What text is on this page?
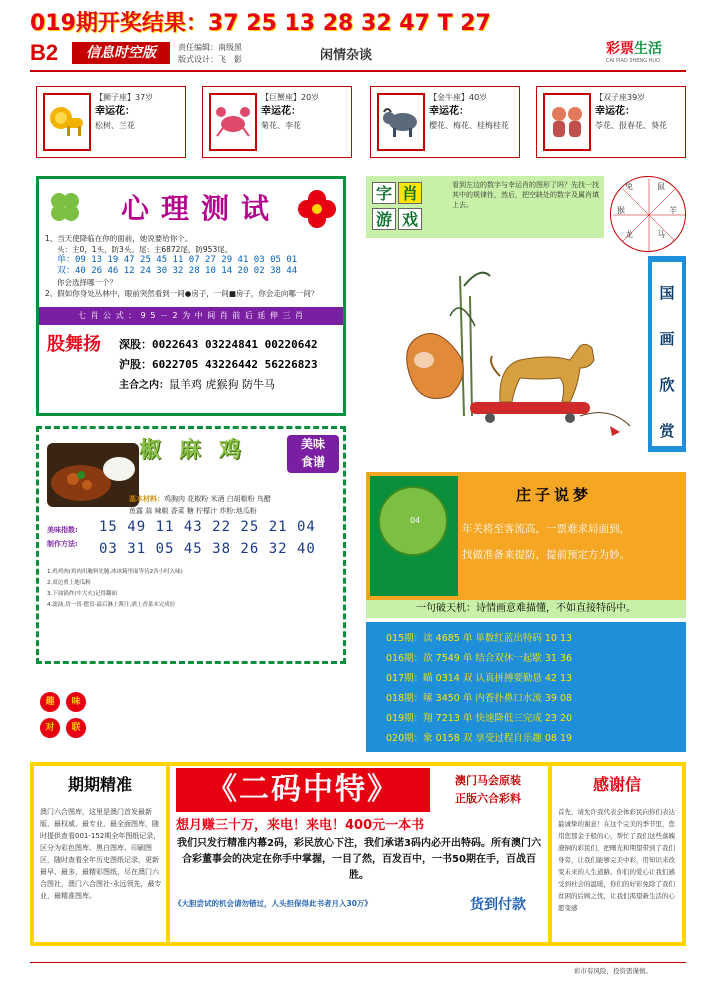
019期开奖结果：37 25 13 28 32 47 T 27
B2	信息时空版	责任编辑：南级黑
版式设计：飞　影	闲情杂谈	彩票生活
CAI PIAO SHENG HUO
【狮子座】37岁
幸运花：
松树、兰花
【巨蟹座】20岁
幸运花：
菊花、李花
【金牛座】40岁
幸运花：
樱花、梅花、桂梅桂花
【双子座39岁
幸运花：
苓花、报春花、葵花
心理测试
1、当天使降临在你的面前，她说要给你个。
头：主0，1头，防3头。尾：主6872尾，防953尾。
单：09 13 19 47 25 45 11 07 27 29 41 03 05 01
双：40 26 46 12 24 30 32 28 10 14 20 02 38 44
你会选择哪一个？
2、假如你身处丛林中，眼前突然看到一间●房子，一间■房子，你会走向哪一间？
七 肖 公 式 ： 9 5 － 2 为 中 间 肖 前 后 延 伸 三 肖
股舞扬	深股：0022643 03224841 00220642
沪股：6022705 43226442 56226823
主合之内：鼠羊鸡 虎猴狗 防牛马
字 肖
游 戏
看到左边的数字与幸运肖的图形了吗？先找一找其中的规律性，然后，把空缺处的数字及属肖填上去。
兔	鼠
羊
马
龙
猴
国
画
欣
赏
椒麻鸡	美味
食谱
基本材料：鸡胸肉 花椒粉 米酒 白胡椒粉 鸟醋
鱼露 蒜 辣椒 香菜 糖 柠檬汁 炸粉:地瓜粉
美味指数:
制作方法:
15 49 11 43 22 25 21 04
03 31 05 45 38 26 32 40
1.鸡鸡肉(鸡肉用腌料先腌,冰冰箱里面等待2各小时入味)
2.双边重上地瓜粉
3.下油锅炸(中大火)记得翻面
4.滤油,切一切-摆盘-最后淋上酱汁,洒上香菜末完成拉
趣	味
对	联
04
庄子说梦
年关将至客流高，一票难求局面到，
找做准备来提防，提前预定方为妙。
一句破天机：诗情画意难描懂，不如直接特码中。
015期：读 4685 单 单数红蓝出特码 10 13
016期：欲 7549 单 结合双休一起歇 31 36
017期：瞄 0314 双 认真拼搏要勤恳 42 13
018期：嗦 3450 单 内香扑鼻口水流 39 08
019期：翔 7213 单 快速降低三完成 23 20
020期：象 0158 双 享受过程自乐趣 08 19
期期精准
澳门六合图库，这里是澳门首发最新版、最权威、最专业、最全面图库，随时提供查看001-152期全年图纸记录，区分为彩色图库、黑白图库、印刷图区，随时查看全年历史图纸记录，更新最早、最多，最精彩图纸，尽在澳门六合图社，澳门六合图社-永远领先，最专业，最精准图库。
《二码中特》	澳门马会原装
正版六合彩料
想月赚三十万，来电！来电！400元一本书
我们只发行精准内幕2码，彩民放心下注，我们承诺3码内必开出特码。所有澳门六合彩董事会的决定在你手中掌握，一目了然，百发百中，一书50期在手，百战百胜。
《大胆尝试的机会请勿错过，人头担保得此书者月入30万》	货到付款
感谢信
首先，请允许我代表全体彩民向你们表达最诚挚的谢意！在这个完美的季节里，您用您那金子般的心，帮忙了我们这些落魄潦倒的彩民们，把曙光和期望带到了我们身旁，让我们能够完美中彩，用知识来改变未来的人生道路。你们的爱心让我们感受到社会的温暖，你们的好彩免除了我们贫困的后顾之忧，让我们渴望新生活的心愿变感
彩市有风险，投资需谨慎。
